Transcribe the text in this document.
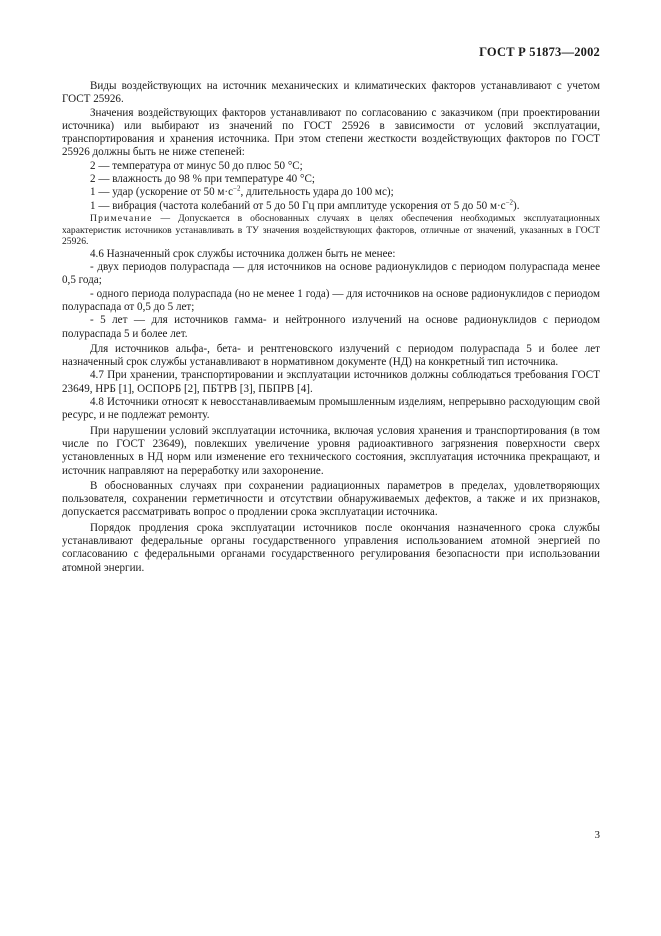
ГОСТ Р 51873—2002

Виды воздействующих на источник механических и климатических факторов устанавливают с учетом ГОСТ 25926.

Значения воздействующих факторов устанавливают по согласованию с заказчиком (при проектировании источника) или выбирают из значений по ГОСТ 25926 в зависимости от условий эксплуатации, транспортирования и хранения источника. При этом степени жесткости воздействующих факторов по ГОСТ 25926 должны быть не ниже степеней:

2 — температура от минус 50 до плюс 50 °С;

2 — влажность до 98 % при температуре 40 °С;

1 — удар (ускорение от 50 $м\cdot с^{-2}$, длительность удара до 100 мс);

1 — вибрация (частота колебаний от 5 до 50 Гц при амплитуде ускорения от 5 до 50 $м\cdot с^{-2}$).

Примечание — Допускается в обоснованных случаях в целях обеспечения необходимых эксплуатационных характеристик источников устанавливать в ТУ значения воздействующих факторов, отличные от значений, указанных в ГОСТ 25926.

4.6 Назначенный срок службы источника должен быть не менее:

- двух периодов полураспада — для источников на основе радионуклидов с периодом полураспада менее 0,5 года;

- одного периода полураспада (но не менее 1 года) — для источников на основе радионуклидов с периодом полураспада от 0,5 до 5 лет;

- 5 лет — для источников гамма- и нейтронного излучений на основе радионуклидов с периодом полураспада 5 и более лет.

Для источников альфа-, бета- и рентгеновского излучений с периодом полураспада 5 и более лет назначенный срок службы устанавливают в нормативном документе (НД) на конкретный тип источника.

4.7 При хранении, транспортировании и эксплуатации источников должны соблюдаться требования ГОСТ 23649, НРБ [1], ОСПОРБ [2], ПБТРВ [3], ПБПРВ [4].

4.8 Источники относят к невосстанавливаемым промышленным изделиям, непрерывно расходующим свой ресурс, и не подлежат ремонту.

При нарушении условий эксплуатации источника, включая условия хранения и транспортирования (в том числе по ГОСТ 23649), повлекших увеличение уровня радиоактивного загрязнения поверхности сверх установленных в НД норм или изменение его технического состояния, эксплуатация источника прекращают, и источник направляют на переработку или захоронение.

В обоснованных случаях при сохранении радиационных параметров в пределах, удовлетворяющих пользователя, сохранении герметичности и отсутствии обнаруживаемых дефектов, а также и их признаков, допускается рассматривать вопрос о продлении срока эксплуатации источника.

Порядок продления срока эксплуатации источников после окончания назначенного срока службы устанавливают федеральные органы государственного управления использованием атомной энергией по согласованию с федеральными органами государственного регулирования безопасности при использовании атомной энергии.

3
